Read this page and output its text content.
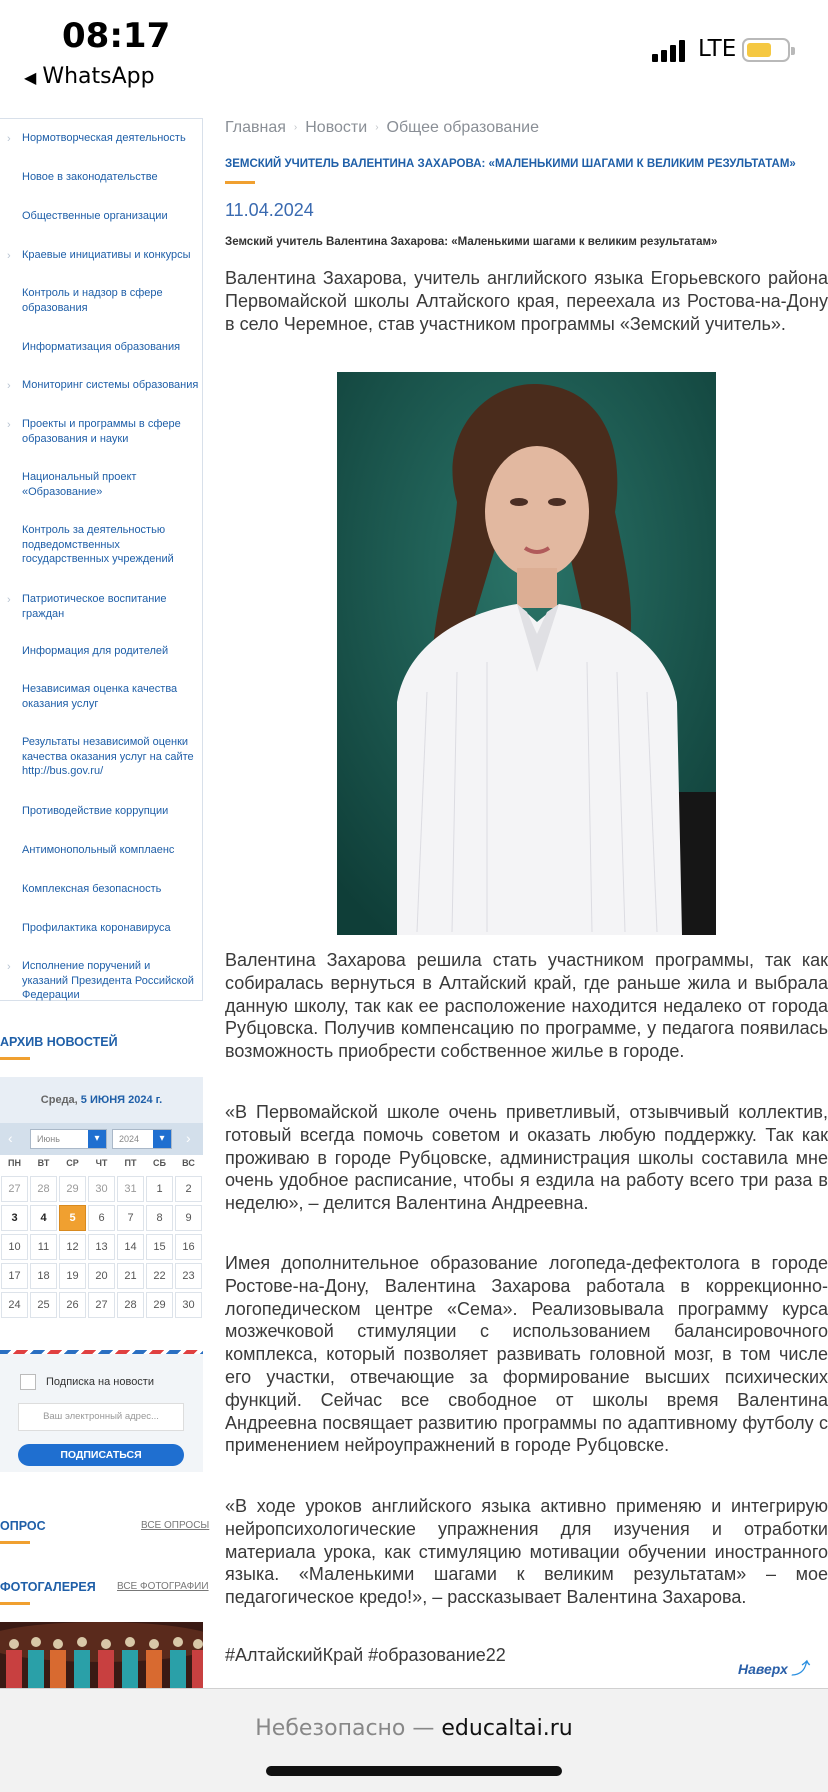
08:17
◀ WhatsApp
LTE
› Нормотворческая деятельность
Новое в законодательстве
Общественные организации
› Краевые инициативы и конкурсы
Контроль и надзор в сфере образования
Информатизация образования
› Мониторинг системы образования
› Проекты и программы в сфере образования и науки
Национальный проект «Образование»
Контроль за деятельностью подведомственных государственных учреждений
› Патриотическое воспитание граждан
Информация для родителей
Независимая оценка качества оказания услуг
Результаты независимой оценки качества оказания услуг на сайте http://bus.gov.ru/
Противодействие коррупции
Антимонопольный комплаенс
Комплексная безопасность
Профилактика коронавируса
› Исполнение поручений и указаний Президента Российской Федерации
АРХИВ НОВОСТЕЙ
Среда, 5 ИЮНЯ 2024 г.
‹	Июнь	▾	2024	▾	›
ПН	ВТ	СР	ЧТ	ПТ	СБ	ВС
27	28	29	30	31	1	2
3	4	5	6	7	8	9
10	11	12	13	14	15	16
17	18	19	20	21	22	23
24	25	26	27	28	29	30
Подписка на новости
Ваш электронный адрес...
ПОДПИСАТЬСЯ
ОПРОС	ВСЕ ОПРОСЫ
ФОТОГАЛЕРЕЯ ВСЕ ФОТОГРАФИИ
Главная › Новости › Общее образование
ЗЕМСКИЙ УЧИТЕЛЬ ВАЛЕНТИНА ЗАХАРОВА: «МАЛЕНЬКИМИ ШАГАМИ К ВЕЛИКИМ РЕЗУЛЬТАТАМ»
11.04.2024
Земский учитель Валентина Захарова: «Маленькими шагами к великим результатам»
Валентина Захарова, учитель английского языка Егорьевского района Первомайской школы Алтайского края, переехала из Ростова-на-Дону в село Черемное, став участником программы «Земский учитель».
Валентина Захарова решила стать участником программы, так как собиралась вернуться в Алтайский край, где раньше жила и выбрала данную школу, так как ее расположение находится недалеко от города Рубцовска. Получив компенсацию по программе, у педагога появилась возможность приобрести собственное жилье в городе.
«В Первомайской школе очень приветливый, отзывчивый коллектив, готовый всегда помочь советом и оказать любую поддержку. Так как проживаю в городе Рубцовске, администрация школы составила мне очень удобное расписание, чтобы я ездила на работу всего три раза в неделю», – делится Валентина Андреевна.
Имея дополнительное образование логопеда-дефектолога в городе Ростове-на-Дону, Валентина Захарова работала в коррекционно-логопедическом центре «Сема». Реализовывала программу курса мозжечковой стимуляции с использованием балансировочного комплекса, который позволяет развивать головной мозг, в том числе его участки, отвечающие за формирование высших психических функций. Сейчас все свободное от школы время Валентина Андреевна посвящает развитию программы по адаптивному футболу с применением нейроупражнений в городе Рубцовске.
«В ходе уроков английского языка активно применяю и интегрирую нейропсихологические упражнения для изучения и отработки материала урока, как стимуляцию мотивации обучении иностранного языка. «Маленькими шагами к великим результатам» – мое педагогическое кредо!», – рассказывает Валентина Захарова.
#АлтайскийКрай #образование22
Наверх ⤴
Небезопасно — educaltai.ru
